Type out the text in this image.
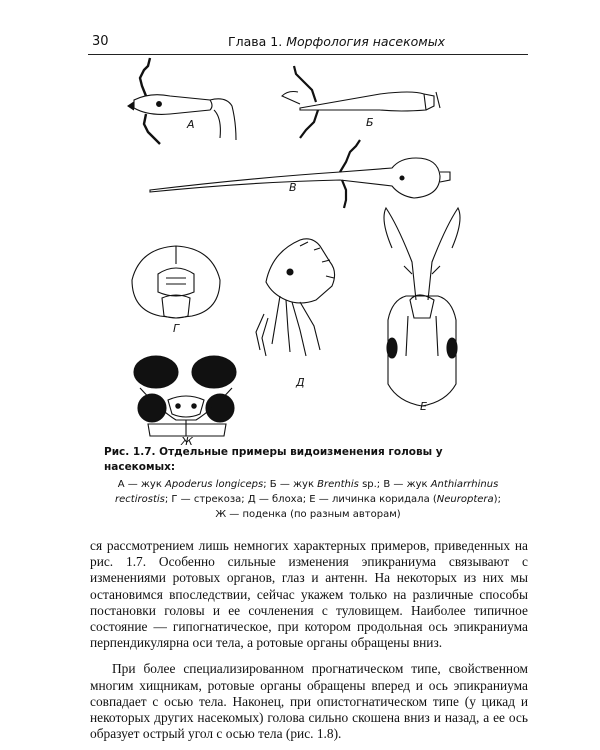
30	Глава 1. Морфология насекомых
А	Б
В
Г
Д
Е
Ж
Рис. 1.7. Отдельные примеры видоизменения головы у насекомых:
А — жук Apoderus longiceps; Б — жук Brenthis sp.; В — жук Anthiarrhinus rectirostis; Г — стрекоза; Д — блоха; Е — личинка коридала (Neuroptera);
Ж — поденка (по разным авторам)

ся рассмотрением лишь немногих характерных примеров, приведенных на рис. 1.7. Особенно сильные изменения эпикраниума связывают с изменениями ротовых органов, глаз и антенн. На некоторых из них мы остановимся впоследствии, сейчас укажем только на различные способы постановки головы и ее сочленения с туловищем. Наиболее типичное состояние — гипогнатическое, при котором продольная ось эпикраниума перпендикулярна оси тела, а ротовые органы обращены вниз.

При более специализированном прогнатическом типе, свойственном многим хищникам, ротовые органы обращены вперед и ось эпикраниума совпадает с осью тела. Наконец, при опистогнатическом типе (у цикад и некоторых других насекомых) голова сильно скошена вниз и назад, а ее ось образует острый угол с осью тела (рис. 1.8).
